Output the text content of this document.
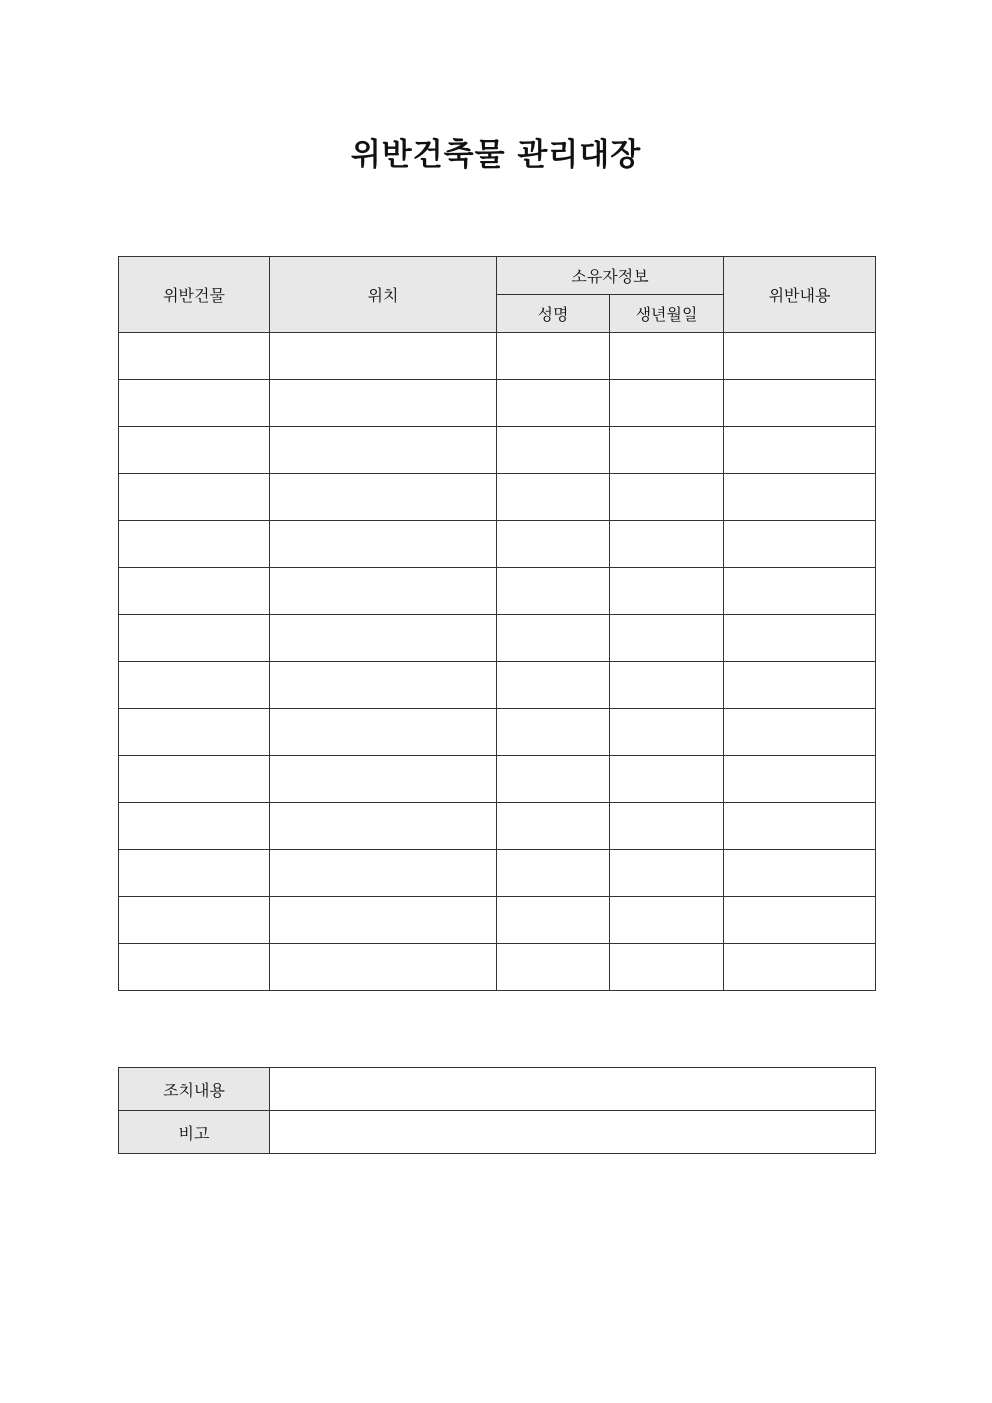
위반건축물 관리대장
위반건물	위치	소유자정보		위반내용
		성명	생년월일	

조치내용	
비고	
